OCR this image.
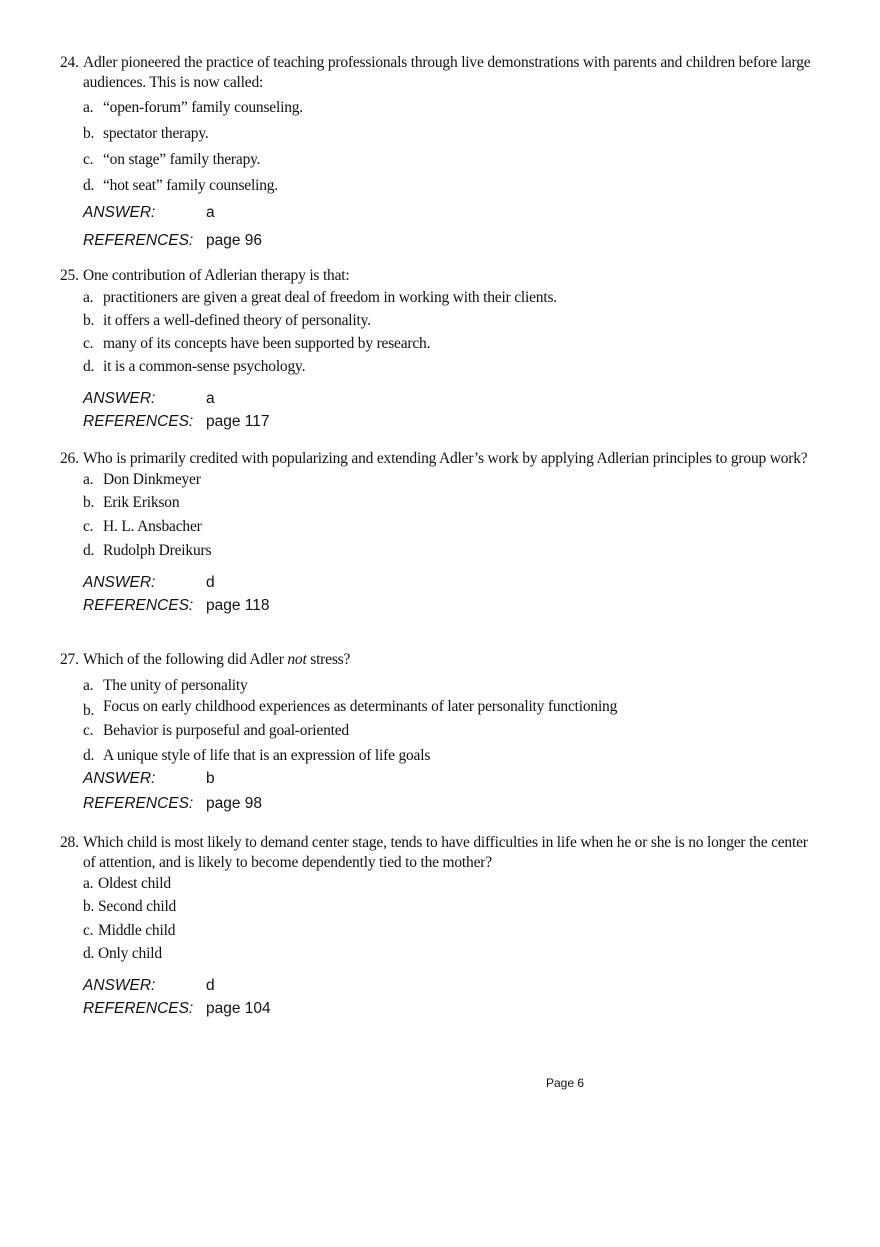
24. Adler pioneered the practice of teaching professionals through live demonstrations with parents and children before large audiences. This is now called:
a. “open-forum” family counseling.
b. spectator therapy.
c. “on stage” family therapy.
d. “hot seat” family counseling.
ANSWER:	a
REFERENCES: page 96
25. One contribution of Adlerian therapy is that:
a. practitioners are given a great deal of freedom in working with their clients.
b. it offers a well-defined theory of personality.
c. many of its concepts have been supported by research.
d. it is a common-sense psychology.
ANSWER:	a
REFERENCES: page 117
26. Who is primarily credited with popularizing and extending Adler’s work by applying Adlerian principles to group work?
a. Don Dinkmeyer
b. Erik Erikson
c. H. L. Ansbacher
d. Rudolph Dreikurs
ANSWER:	d
REFERENCES: page 118
27. Which of the following did Adler not stress?
a. The unity of personality
b. Focus on early childhood experiences as determinants of later personality functioning
c. Behavior is purposeful and goal-oriented
d. A unique style of life that is an expression of life goals
ANSWER:	b
REFERENCES: page 98
28. Which child is most likely to demand center stage, tends to have difficulties in life when he or she is no longer the center of attention, and is likely to become dependently tied to the mother?
a. Oldest child
b. Second child
c. Middle child
d. Only child
ANSWER:	d
REFERENCES: page 104
Page 6
